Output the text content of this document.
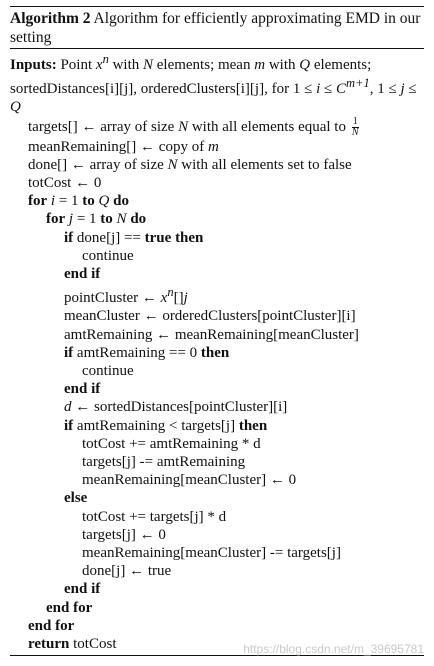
Algorithm 2 Algorithm for efficiently approximating EMD in our setting
Inputs: Point $x^n$ with N elements; mean m with Q elements; sortedDistances[i][j], orderedClusters[i][j], for $1 \le i \le C^{m+1}$, 1 ≤ j ≤ Q
targets[] ← array of size N with all elements equal to $\frac{1}{N}$
meanRemaining[] ← copy of m
done[] ← array of size N with all elements set to false
totCost ← 0
for i = 1 to Q do
for j = 1 to N do
if done[j] == true then
continue
end if
pointCluster ← $x^n[]j$
meanCluster ← orderedClusters[pointCluster][i]
amtRemaining ← meanRemaining[meanCluster]
if amtRemaining == 0 then
continue
end if
d ← sortedDistances[pointCluster][i]
if amtRemaining < targets[j] then
totCost += amtRemaining * d
targets[j] -= amtRemaining
meanRemaining[meanCluster] ← 0
else
totCost += targets[j] * d
targets[j] ← 0
meanRemaining[meanCluster] -= targets[j]
done[j] ← true
end if
end for
end for
return totCost	https://blog.csdn.net/m_39695781
